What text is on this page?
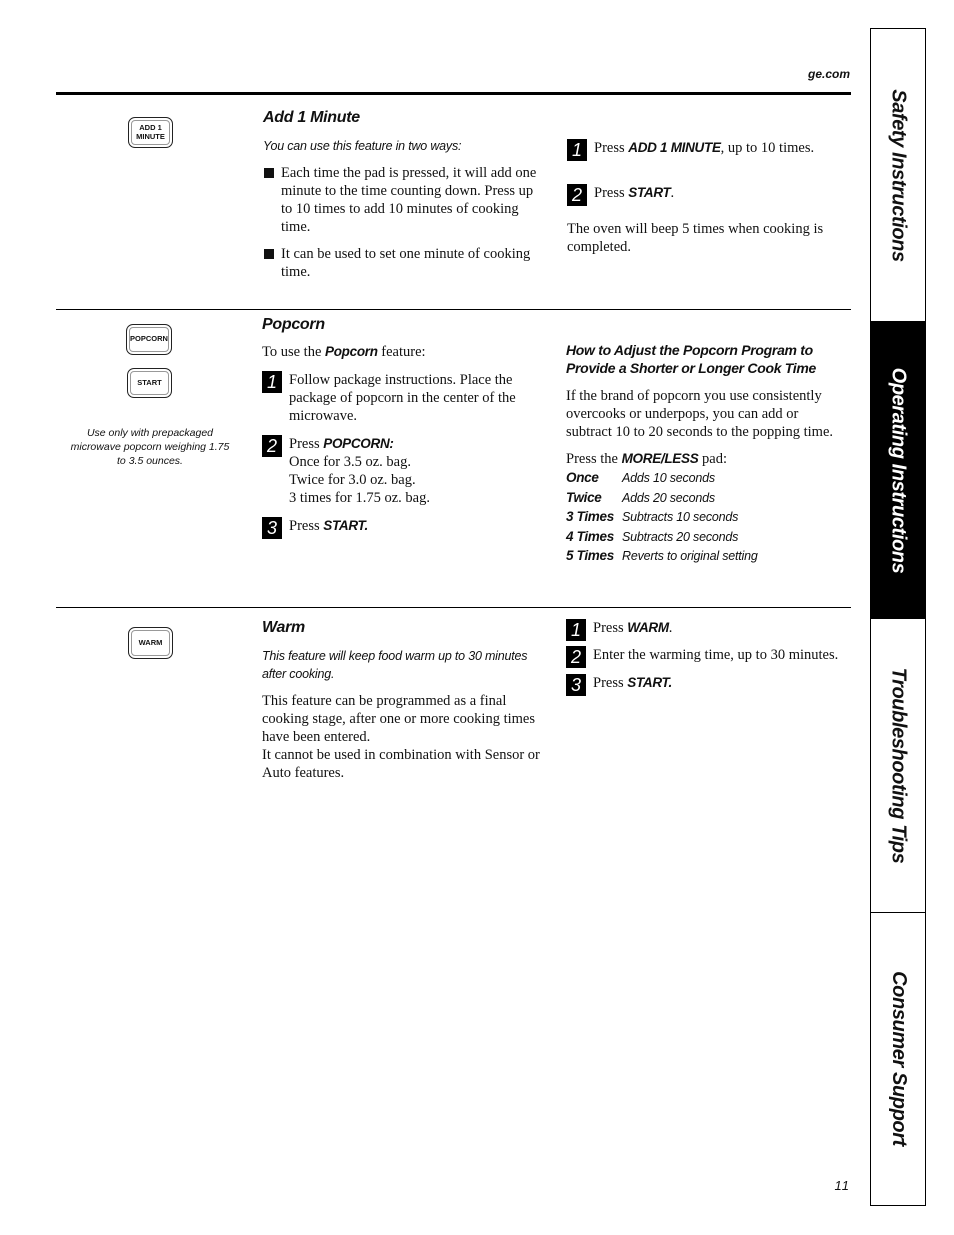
ge.com
ADD 1
MINUTE
Add 1 Minute
You can use this feature in two ways:
Each time the pad is pressed, it will add one minute to the time counting down. Press up to 10 times to add 10 minutes of cooking time.
It can be used to set one minute of cooking time.
1 Press ADD 1 MINUTE, up to 10 times.
2 Press START.
The oven will beep 5 times when cooking is completed.
POPCORN
START
Use only with prepackaged microwave popcorn weighing 1.75 to 3.5 ounces.
Popcorn
To use the Popcorn feature:
1 Follow package instructions. Place the package of popcorn in the center of the microwave.
2 Press POPCORN:
Once for 3.5 oz. bag.
Twice for 3.0 oz. bag.
3 times for 1.75 oz. bag.
3 Press START.
How to Adjust the Popcorn Program to Provide a Shorter or Longer Cook Time
If the brand of popcorn you use consistently overcooks or underpops, you can add or subtract 10 to 20 seconds to the popping time.
Press the MORE/LESS pad:
Once	Adds 10 seconds
Twice	Adds 20 seconds
3 Times Subtracts 10 seconds
4 Times Subtracts 20 seconds
5 Times Reverts to original setting
WARM
Warm
This feature will keep food warm up to 30 minutes after cooking.
This feature can be programmed as a final cooking stage, after one or more cooking times have been entered.
It cannot be used in combination with Sensor or Auto features.
1 Press WARM.
2 Enter the warming time, up to 30 minutes.
3 Press START.
Safety Instructions
Operating Instructions
Troubleshooting Tips
Consumer Support
11
